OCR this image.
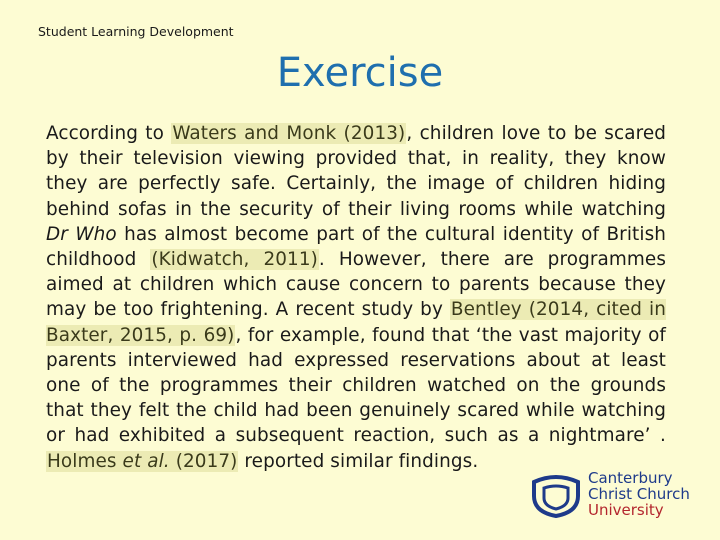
Student Learning Development
Exercise
According to Waters and Monk (2013), children love to be scared by their television viewing provided that, in reality, they know they are perfectly safe. Certainly, the image of children hiding behind sofas in the security of their living rooms while watching Dr Who has almost become part of the cultural identity of British childhood (Kidwatch, 2011). However, there are programmes aimed at children which cause concern to parents because they may be too frightening. A recent study by Bentley (2014, cited in Baxter, 2015, p. 69), for example, found that ‘the vast majority of parents interviewed had expressed reservations about at least one of the programmes their children watched on the grounds that they felt the child had been genuinely scared while watching or had exhibited a subsequent reaction, such as a nightmare’ . Holmes et al. (2017) reported similar findings.
Canterbury
Christ Church
University
